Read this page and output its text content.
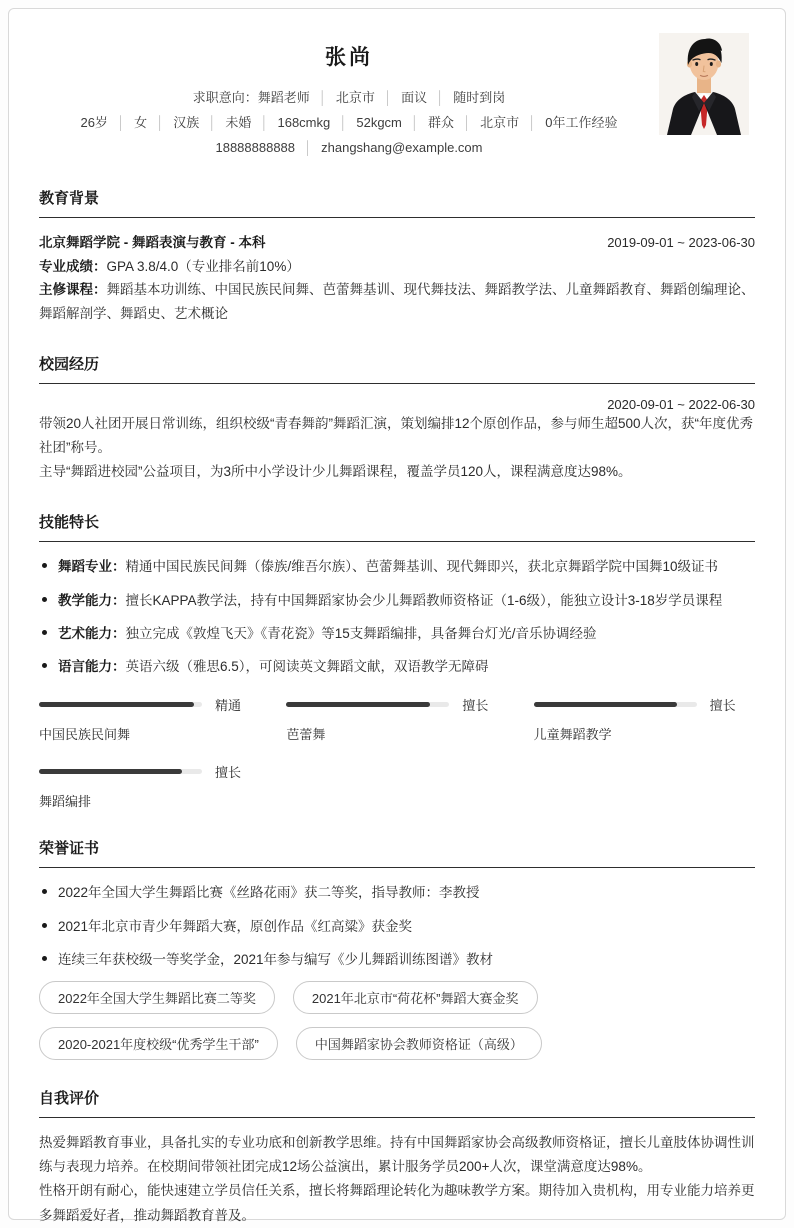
张尚
求职意向：舞蹈老师 │ 北京市 │ 面议 │ 随时到岗
26岁 │ 女 │ 汉族 │ 未婚 │ 168cmkg │ 52kgcm │ 群众 │ 北京市 │ 0年工作经验
18888888888 │ zhangshang@example.com
教育背景
北京舞蹈学院 - 舞蹈表演与教育 - 本科	2019-09-01 ~ 2023-06-30

专业成绩：GPA 3.8/4.0（专业排名前10%）

主修课程：舞蹈基本功训练、中国民族民间舞、芭蕾舞基训、现代舞技法、舞蹈教学法、儿童舞蹈教育、舞蹈创编理论、舞蹈解剖学、舞蹈史、艺术概论

校园经历
2020-09-01 ~ 2022-06-30

带领20人社团开展日常训练，组织校级“青春舞韵”舞蹈汇演，策划编排12个原创作品，参与师生超500人次，获“年度优秀社团”称号。

主导“舞蹈进校园”公益项目，为3所中小学设计少儿舞蹈课程，覆盖学员120人，课程满意度达98%。

技能特长
舞蹈专业：精通中国民族民间舞（傣族/维吾尔族）、芭蕾舞基训、现代舞即兴，获北京舞蹈学院中国舞10级证书
教学能力：擅长KAPPA教学法，持有中国舞蹈家协会少儿舞蹈教师资格证（1-6级），能独立设计3-18岁学员课程
艺术能力：独立完成《敦煌飞天》《青花瓷》等15支舞蹈编排，具备舞台灯光/音乐协调经验
语言能力：英语六级（雅思6.5），可阅读英文舞蹈文献，双语教学无障碍
精通
中国民族民间舞
擅长
芭蕾舞
擅长
儿童舞蹈教学
擅长
舞蹈编排
荣誉证书
2022年全国大学生舞蹈比赛《丝路花雨》获二等奖，指导教师：李教授
2021年北京市青少年舞蹈大赛，原创作品《红高粱》获金奖
连续三年获校级一等奖学金，2021年参与编写《少儿舞蹈训练图谱》教材
2022年全国大学生舞蹈比赛二等奖	2021年北京市“荷花杯”舞蹈大赛金奖
2020-2021年度校级“优秀学生干部”	中国舞蹈家协会教师资格证（高级）
自我评价

热爱舞蹈教育事业，具备扎实的专业功底和创新教学思维。持有中国舞蹈家协会高级教师资格证，擅长儿童肢体协调性训练与表现力培养。在校期间带领社团完成12场公益演出，累计服务学员200+人次，课堂满意度达98%。

性格开朗有耐心，能快速建立学员信任关系，擅长将舞蹈理论转化为趣味教学方案。期待加入贵机构，用专业能力培养更多舞蹈爱好者，推动舞蹈教育普及。
